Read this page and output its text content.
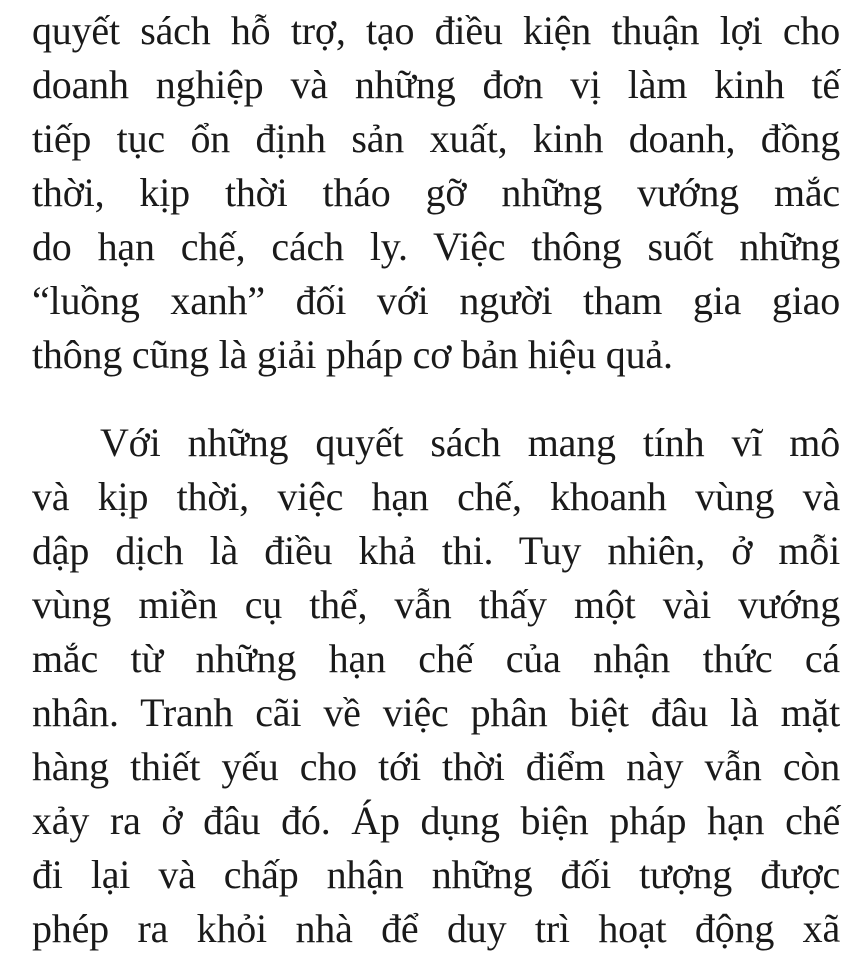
quyết sách hỗ trợ, tạo điều kiện thuận lợi cho
doanh nghiệp và những đơn vị làm kinh tế
tiếp tục ổn định sản xuất, kinh doanh, đồng
thời, kịp thời tháo gỡ những vướng mắc
do hạn chế, cách ly. Việc thông suốt những
“luồng xanh” đối với người tham gia giao
thông cũng là giải pháp cơ bản hiệu quả.

Với những quyết sách mang tính vĩ mô
và kịp thời, việc hạn chế, khoanh vùng và
dập dịch là điều khả thi. Tuy nhiên, ở mỗi
vùng miền cụ thể, vẫn thấy một vài vướng
mắc từ những hạn chế của nhận thức cá
nhân. Tranh cãi về việc phân biệt đâu là mặt
hàng thiết yếu cho tới thời điểm này vẫn còn
xảy ra ở đâu đó. Áp dụng biện pháp hạn chế
đi lại và chấp nhận những đối tượng được
phép ra khỏi nhà để duy trì hoạt động xã
